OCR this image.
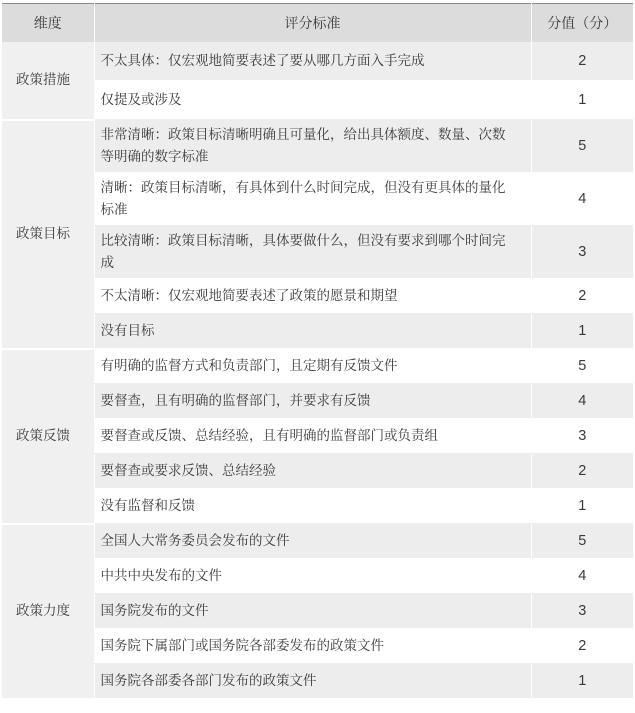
维度	评分标准	分值（分）
政策措施	不太具体：仅宏观地简要表述了要从哪几方面入手完成	2
	仅提及或涉及	1
政策目标	非常清晰：政策目标清晰明确且可量化，给出具体额度、数量、次数等明确的数字标准	5
	清晰：政策目标清晰，有具体到什么时间完成，但没有更具体的量化标准	4
	比较清晰：政策目标清晰，具体要做什么，但没有要求到哪个时间完成	3
	不太清晰：仅宏观地简要表述了政策的愿景和期望	2
	没有目标	1
政策反馈	有明确的监督方式和负责部门，且定期有反馈文件	5
	要督查，且有明确的监督部门，并要求有反馈	4
	要督查或反馈、总结经验，且有明确的监督部门或负责组	3
	要督查或要求反馈、总结经验	2
	没有监督和反馈	1
政策力度	全国人大常务委员会发布的文件	5
	中共中央发布的文件	4
	国务院发布的文件	3
	国务院下属部门或国务院各部委发布的政策文件	2
	国务院各部委各部门发布的政策文件	1
